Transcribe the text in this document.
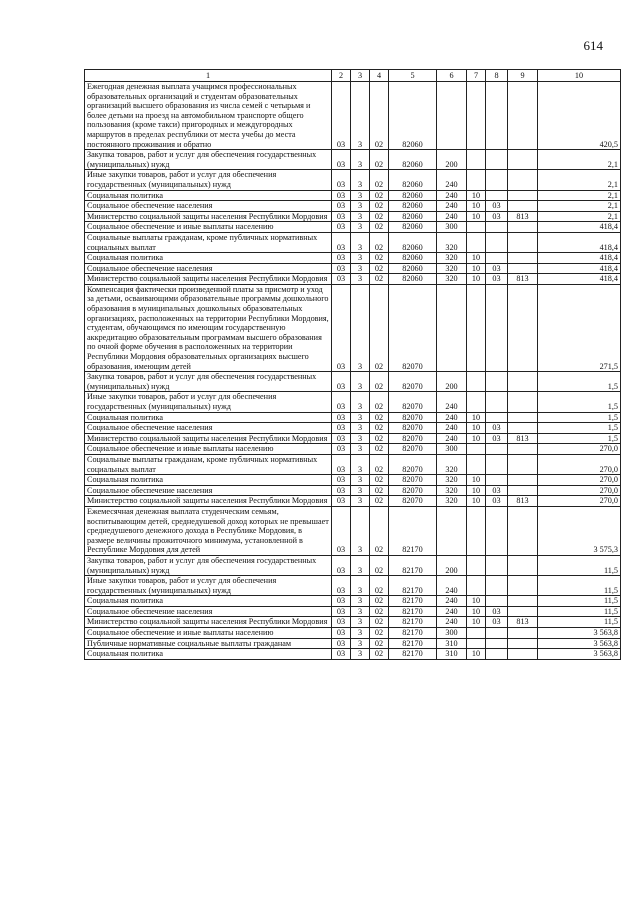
614
1	2	3	4	5	6	7	8	9	10
Ежегодная денежная выплата учащимся профессиональных образовательных организаций и студентам образовательных организаций высшего образования из числа семей с четырьмя и более детьми на проезд на автомобильном транспорте общего пользования (кроме такси) пригородных и междугородных маршрутов в пределах республики от места учебы до места постоянного проживания и обратно	03	3	02	82060					420,5
Закупка товаров, работ и услуг для обеспечения государственных (муниципальных) нужд	03	3	02	82060	200				2,1
Иные закупки товаров, работ и услуг для обеспечения государственных (муниципальных) нужд	03	3	02	82060	240				2,1
Социальная политика	03	3	02	82060	240	10			2,1
Социальное обеспечение населения	03	3	02	82060	240	10	03		2,1
Министерство социальной защиты населения Республики Мордовия	03	3	02	82060	240	10	03	813	2,1
Социальное обеспечение и иные выплаты населению	03	3	02	82060	300				418,4
Социальные выплаты гражданам, кроме публичных нормативных социальных выплат	03	3	02	82060	320				418,4
Социальная политика	03	3	02	82060	320	10			418,4
Социальное обеспечение населения	03	3	02	82060	320	10	03		418,4
Министерство социальной защиты населения Республики Мордовия	03	3	02	82060	320	10	03	813	418,4
Компенсация фактически произведенной платы за присмотр и уход за детьми, осваивающими образовательные программы дошкольного образования в муниципальных дошкольных образовательных организациях, расположенных на территории Республики Мордовия, студентам, обучающимся по имеющим государственную аккредитацию образовательным программам высшего образования по очной форме обучения в расположенных на территории Республики Мордовия образовательных организациях высшего образования, имеющим детей	03	3	02	82070					271,5
Закупка товаров, работ и услуг для обеспечения государственных (муниципальных) нужд	03	3	02	82070	200				1,5
Иные закупки товаров, работ и услуг для обеспечения государственных (муниципальных) нужд	03	3	02	82070	240				1,5
Социальная политика	03	3	02	82070	240	10			1,5
Социальное обеспечение населения	03	3	02	82070	240	10	03		1,5
Министерство социальной защиты населения Республики Мордовия	03	3	02	82070	240	10	03	813	1,5
Социальное обеспечение и иные выплаты населению	03	3	02	82070	300				270,0
Социальные выплаты гражданам, кроме публичных нормативных социальных выплат	03	3	02	82070	320				270,0
Социальная политика	03	3	02	82070	320	10			270,0
Социальное обеспечение населения	03	3	02	82070	320	10	03		270,0
Министерство социальной защиты населения Республики Мордовия	03	3	02	82070	320	10	03	813	270,0
Ежемесячная денежная выплата студенческим семьям, воспитывающим детей, среднедушевой доход которых не превышает среднедушевого денежного дохода в Республике Мордовия, в размере величины прожиточного минимума, установленной в Республике Мордовия для детей	03	3	02	82170					3 575,3
Закупка товаров, работ и услуг для обеспечения государственных (муниципальных) нужд	03	3	02	82170	200				11,5
Иные закупки товаров, работ и услуг для обеспечения государственных (муниципальных) нужд	03	3	02	82170	240				11,5
Социальная политика	03	3	02	82170	240	10			11,5
Социальное обеспечение населения	03	3	02	82170	240	10	03		11,5
Министерство социальной защиты населения Республики Мордовия	03	3	02	82170	240	10	03	813	11,5
Социальное обеспечение и иные выплаты населению	03	3	02	82170	300				3 563,8
Публичные нормативные социальные выплаты гражданам	03	3	02	82170	310				3 563,8
Социальная политика	03	3	02	82170	310	10			3 563,8
